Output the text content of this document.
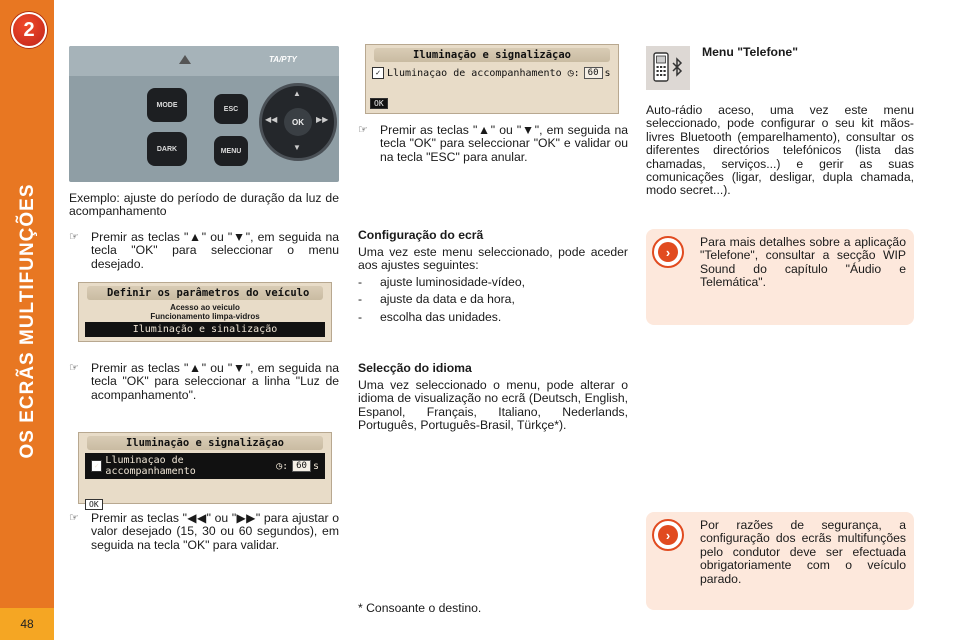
2
OS ECRÃS MULTIFUNÇÕES
48
TA/PTY
MODE
DARK
ESC
MENU
OK
▲
▼
◀◀	▶▶
Exemplo: ajuste do período de duração da luz de acompanhamento
☞ Premir as teclas "▲" ou "▼", em seguida na tecla "OK" para seleccionar o menu desejado.
Definir os parâmetros do veículo
Acesso ao veiculo
Funcionamento limpa-vidros
Iluminação e sinalização
☞ Premir as teclas "▲" ou "▼", em seguida na tecla "OK" para seleccionar a linha "Luz de acompanhamento".
Iluminação e signalizãçao
✓ Lluminaçao de accompanhamento	◷: 60 s
OK
☞ Premir as teclas "◀◀" ou "▶▶" para ajustar o valor desejado (15, 30 ou 60 segundos), em seguida na tecla "OK" para validar.
Iluminação e signalizãçao
✓ Lluminaçao de accompanhamento ◷: 60 s
OK
☞ Premir as teclas "▲" ou "▼", em seguida na tecla "OK" para seleccionar "OK" e validar ou na tecla "ESC" para anular.
Configuração do ecrã
Uma vez este menu seleccionado, pode aceder aos ajustes seguintes:
- ajuste luminosidade-vídeo,
- ajuste da data e da hora,
- escolha das unidades.
Selecção do idioma
Uma vez seleccionado o menu, pode alterar o idioma de visualização no ecrã (Deutsch, English, Espanol, Français, Italiano, Nederlands, Português, Português-Brasil, Türkçe*).
* Consoante o destino.
Menu "Telefone"
Auto-rádio aceso, uma vez este menu seleccionado, pode configurar o seu kit mãos-livres Bluetooth (emparelhamento), consultar os diferentes directórios telefónicos (lista das chamadas, serviços...) e gerir as suas comunicações (ligar, desligar, dupla chamada, modo secret...).
›
Para mais detalhes sobre a aplicação "Telefone", consultar a secção WIP Sound do capítulo "Áudio e Telemática".
›
Por razões de segurança, a configuração dos ecrãs multifunções pelo condutor deve ser efectuada obrigatoriamente com o veículo parado.
